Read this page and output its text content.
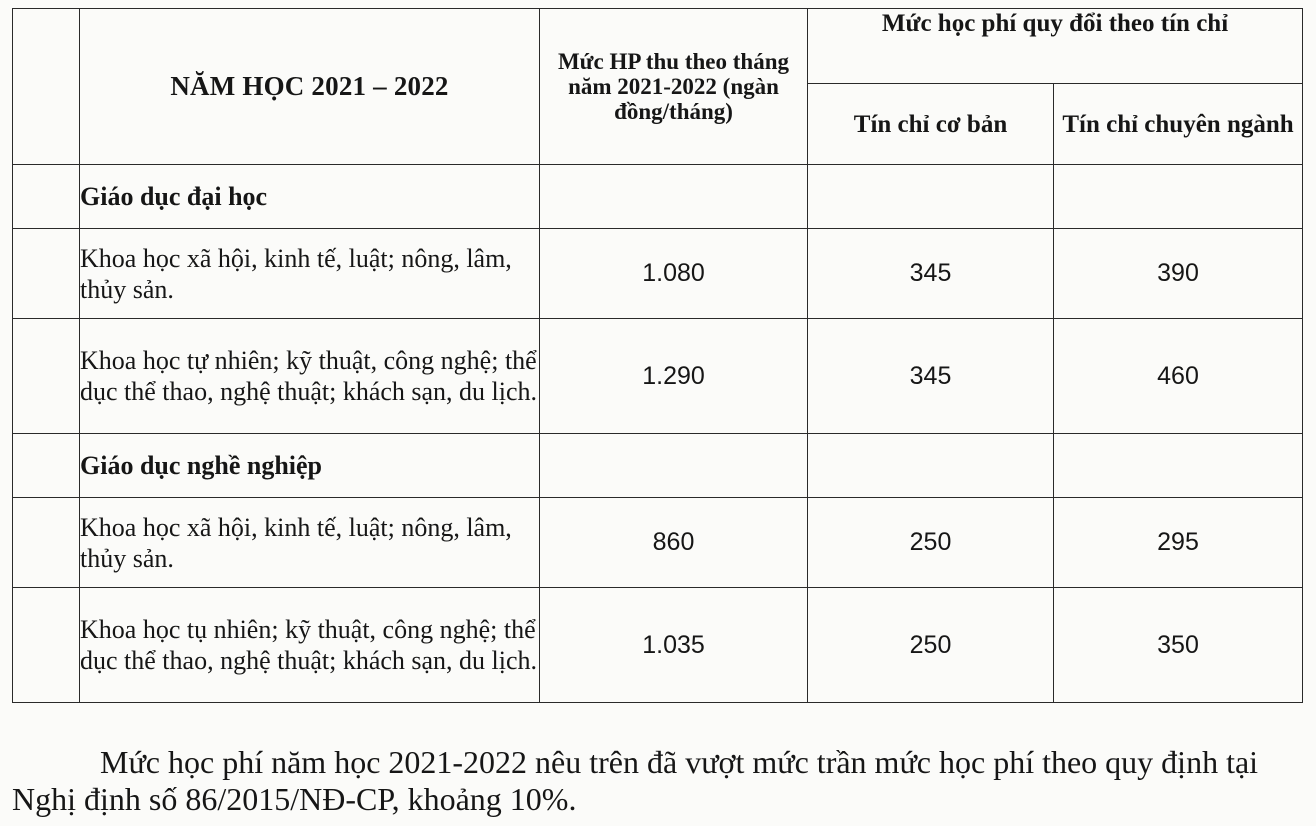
	NĂM HỌC 2021 – 2022	Mức HP thu theo tháng năm 2021-2022 (ngàn đồng/tháng)	Mức học phí quy đổi theo tín chỉ	
			Tín chỉ cơ bản	Tín chỉ chuyên ngành
	Giáo dục đại học			
	Khoa học xã hội, kinh tế, luật; nông, lâm, thủy sản.	1.080	345	390
	Khoa học tự nhiên; kỹ thuật, công nghệ; thể dục thể thao, nghệ thuật; khách sạn, du lịch.	1.290	345	460
	Giáo dục nghề nghiệp			
	Khoa học xã hội, kinh tế, luật; nông, lâm, thủy sản.	860	250	295
	Khoa học tụ nhiên; kỹ thuật, công nghệ; thể dục thể thao, nghệ thuật; khách sạn, du lịch.	1.035	250	350

Mức học phí năm học 2021-2022 nêu trên đã vượt mức trần mức học phí theo quy định tại Nghị định số 86/2015/NĐ-CP, khoảng 10%.
